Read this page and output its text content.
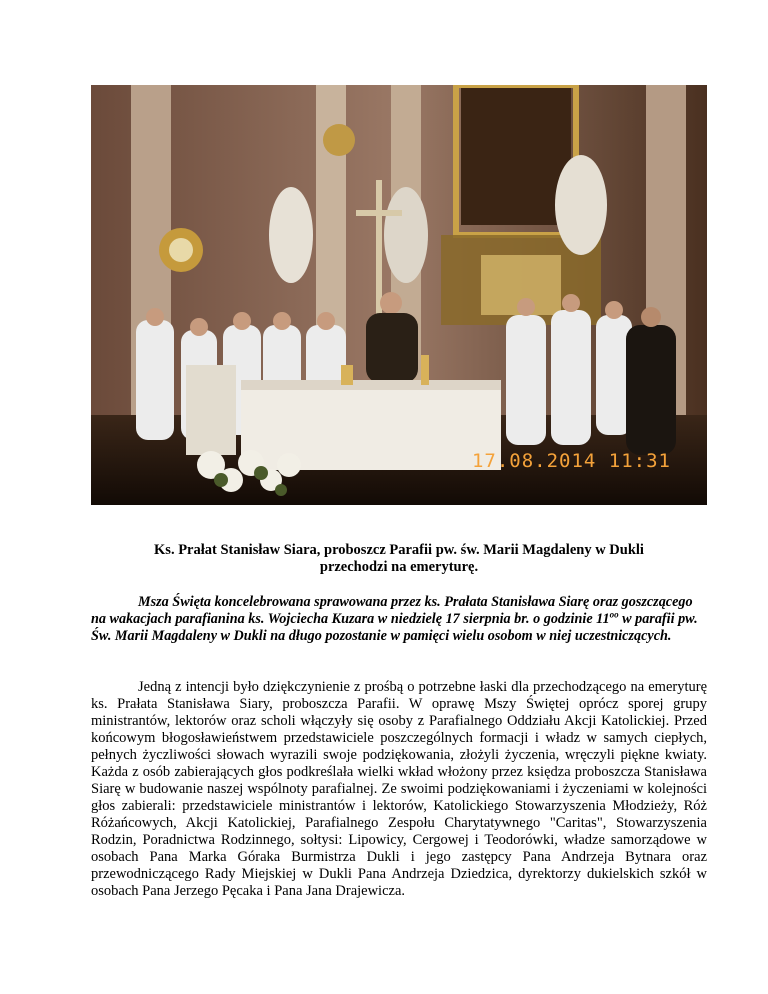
17.08.2014 11:31
Ks. Prałat Stanisław Siara, proboszcz Parafii pw. św. Marii Magdaleny w Dukli
przechodzi na emeryturę.

Msza Święta koncelebrowana sprawowana przez ks. Prałata Stanisława Siarę oraz goszczącego na wakacjach parafianina ks. Wojciecha Kuzara w niedzielę 17 sierpnia br. o godzinie $11^{oo}$ w parafii pw. Św. Marii Magdaleny w Dukli na długo pozostanie w pamięci wielu osobom w niej uczestniczących.

Jedną z intencji było dziękczynienie z prośbą o potrzebne łaski dla przechodzącego na emeryturę ks. Prałata Stanisława Siary, proboszcza Parafii. W oprawę Mszy Świętej oprócz sporej grupy ministrantów, lektorów oraz scholi włączyły się osoby z Parafialnego Oddziału Akcji Katolickiej. Przed końcowym błogosławieństwem przedstawiciele poszczególnych formacji i władz w samych ciepłych, pełnych życzliwości słowach wyrazili swoje podziękowania, złożyli życzenia, wręczyli piękne kwiaty. Każda z osób zabierających głos podkreślała wielki wkład włożony przez księdza proboszcza Stanisława Siarę w budowanie naszej wspólnoty parafialnej. Ze swoimi podziękowaniami i życzeniami w kolejności głos zabierali: przedstawiciele ministrantów i lektorów, Katolickiego Stowarzyszenia Młodzieży, Róż Różańcowych, Akcji Katolickiej, Parafialnego Zespołu Charytatywnego "Caritas", Stowarzyszenia Rodzin, Poradnictwa Rodzinnego, sołtysi: Lipowicy, Cergowej i Teodorówki, władze samorządowe w osobach Pana Marka Góraka Burmistrza Dukli i jego zastępcy Pana Andrzeja Bytnara oraz przewodniczącego Rady Miejskiej w Dukli Pana Andrzeja Dziedzica, dyrektorzy dukielskich szkół w osobach Pana Jerzego Pęcaka i Pana Jana Drajewicza.
